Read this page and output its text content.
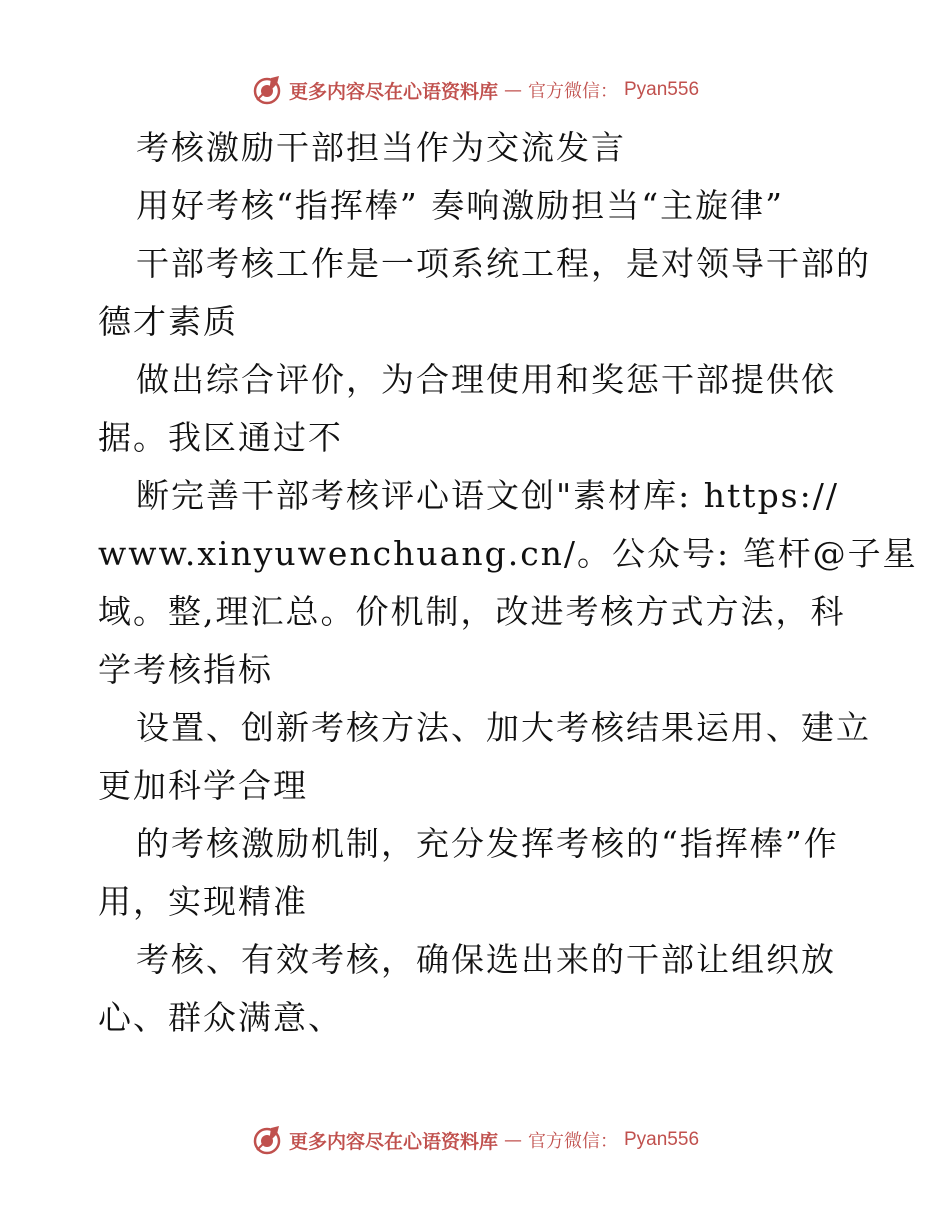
更多内容尽在心语资料库 — 官方微信： Pyan556
考核激励干部担当作为交流发言
用好考核“指挥棒” 奏响激励担当“主旋律”
干部考核工作是一项系统工程，是对领导干部的
德才素质
做出综合评价，为合理使用和奖惩干部提供依
据。我区通过不
断完善干部考核评心语文创"素材库: https://
www.xinyuwenchuang.cn/。公众号: 笔杆@子星
域。整,理汇总。价机制，改进考核方式方法，科
学考核指标
设置、创新考核方法、加大考核结果运用、建立
更加科学合理
的考核激励机制，充分发挥考核的“指挥棒”作
用，实现精准
考核、有效考核，确保选出来的干部让组织放
心、群众满意、
更多内容尽在心语资料库 — 官方微信： Pyan556
